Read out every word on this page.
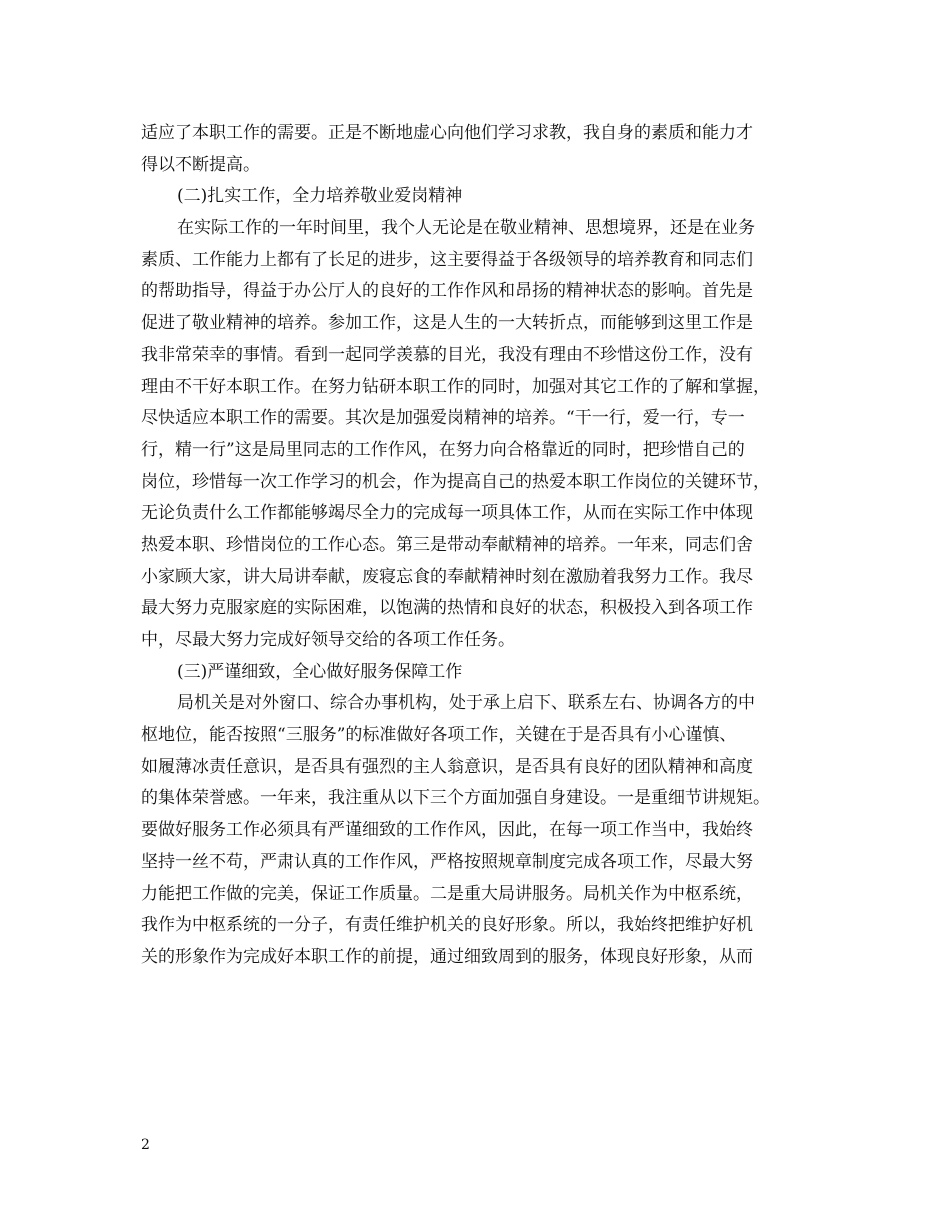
适应了本职工作的需要。正是不断地虚心向他们学习求教，我自身的素质和能力才
得以不断提高。
(二)扎实工作，全力培养敬业爱岗精神
在实际工作的一年时间里，我个人无论是在敬业精神、思想境界，还是在业务
素质、工作能力上都有了长足的进步，这主要得益于各级领导的培养教育和同志们
的帮助指导，得益于办公厅人的良好的工作作风和昂扬的精神状态的影响。首先是
促进了敬业精神的培养。参加工作，这是人生的一大转折点，而能够到这里工作是
我非常荣幸的事情。看到一起同学羡慕的目光，我没有理由不珍惜这份工作，没有
理由不干好本职工作。在努力钻研本职工作的同时，加强对其它工作的了解和掌握，
尽快适应本职工作的需要。其次是加强爱岗精神的培养。“干一行，爱一行，专一
行，精一行”这是局里同志的工作作风，在努力向合格靠近的同时，把珍惜自己的
岗位，珍惜每一次工作学习的机会，作为提高自己的热爱本职工作岗位的关键环节，
无论负责什么工作都能够竭尽全力的完成每一项具体工作，从而在实际工作中体现
热爱本职、珍惜岗位的工作心态。第三是带动奉献精神的培养。一年来，同志们舍
小家顾大家，讲大局讲奉献，废寝忘食的奉献精神时刻在激励着我努力工作。我尽
最大努力克服家庭的实际困难，以饱满的热情和良好的状态，积极投入到各项工作
中，尽最大努力完成好领导交给的各项工作任务。
(三)严谨细致，全心做好服务保障工作
局机关是对外窗口、综合办事机构，处于承上启下、联系左右、协调各方的中
枢地位，能否按照“三服务”的标准做好各项工作，关键在于是否具有小心谨慎、
如履薄冰责任意识，是否具有强烈的主人翁意识，是否具有良好的团队精神和高度
的集体荣誉感。一年来，我注重从以下三个方面加强自身建设。一是重细节讲规矩。
要做好服务工作必须具有严谨细致的工作作风，因此，在每一项工作当中，我始终
坚持一丝不苟，严肃认真的工作作风，严格按照规章制度完成各项工作，尽最大努
力能把工作做的完美，保证工作质量。二是重大局讲服务。局机关作为中枢系统，
我作为中枢系统的一分子，有责任维护机关的良好形象。所以，我始终把维护好机
关的形象作为完成好本职工作的前提，通过细致周到的服务，体现良好形象，从而
2
